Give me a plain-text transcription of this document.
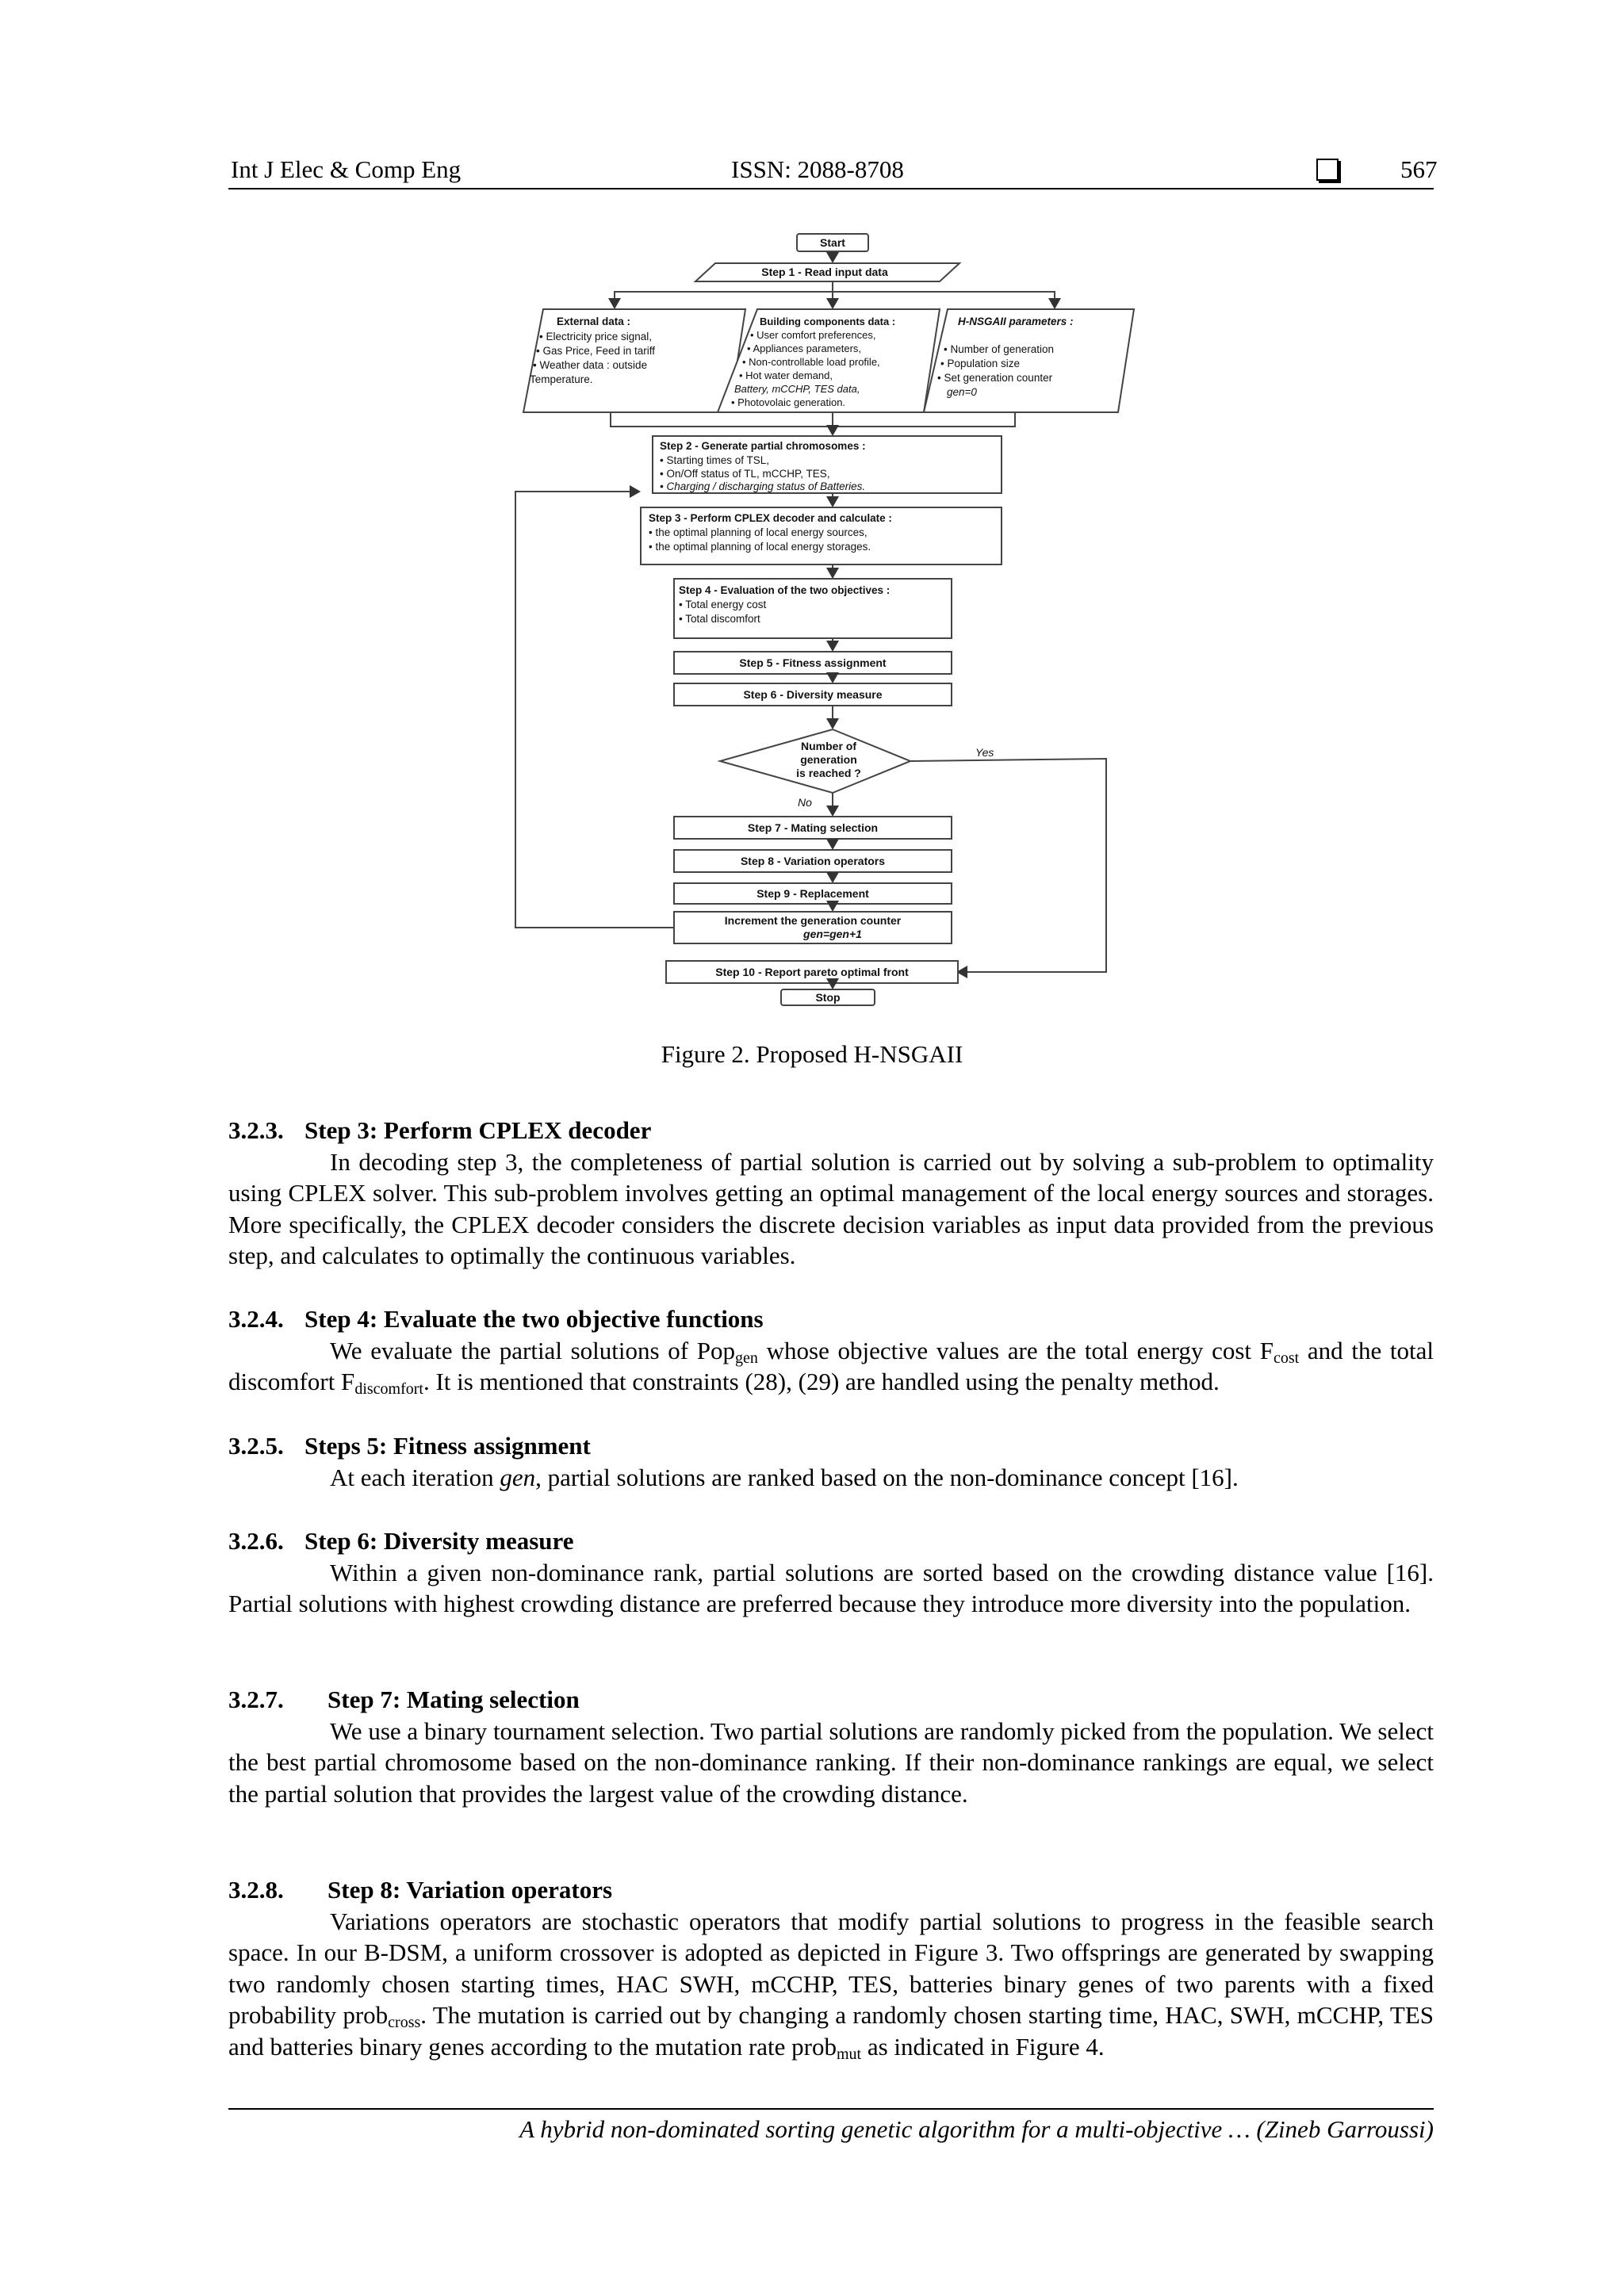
Int J Elec & Comp Eng	ISSN: 2088-8708	567
Start
Step 1 - Read input data
External data :
• Electricity price signal,
• Gas Price, Feed in tariff
• Weather data : outside
Temperature.
Building components data :
• User comfort preferences,
• Appliances parameters,
• Non-controllable load profile,
• Hot water demand,
Battery, mCCHP, TES data,
• Photovolaic generation.
H-NSGAII parameters :
• Number of generation
• Population size
• Set generation counter
gen=0
Step 2 - Generate partial chromosomes :
• Starting times of TSL,
• On/Off status of TL, mCCHP, TES,
• Charging / discharging status of Batteries.
Step 3 - Perform CPLEX decoder and calculate :
• the optimal planning of local energy sources,
• the optimal planning of local energy storages.
Step 4 - Evaluation of the two objectives :
• Total energy cost
• Total discomfort
Step 5 - Fitness assignment
Step 6 - Diversity measure
Number of
generation
is reached ?
Step 7 - Mating selection
Step 8 - Variation operators
Step 9 - Replacement
Increment the generation counter
gen=gen+1
Step 10 - Report pareto optimal front
Stop
Yes
No
Figure 2. Proposed H-NSGAII
3.2.3. Step 3: Perform CPLEX decoder

In decoding step 3, the completeness of partial solution is carried out by solving a sub-problem to optimality using CPLEX solver. This sub-problem involves getting an optimal management of the local energy sources and storages. More specifically, the CPLEX decoder considers the discrete decision variables as input data provided from the previous step, and calculates to optimally the continuous variables.

3.2.4. Step 4: Evaluate the two objective functions

We evaluate the partial solutions of Pop$_{gen}$ whose objective values are the total energy cost $F_{cost}$ and the total discomfort $F_{discomfort}$. It is mentioned that constraints (28), (29) are handled using the penalty method.

3.2.5. Steps 5: Fitness assignment

At each iteration gen, partial solutions are ranked based on the non-dominance concept [16].

3.2.6. Step 6: Diversity measure

Within a given non-dominance rank, partial solutions are sorted based on the crowding distance value [16]. Partial solutions with highest crowding distance are preferred because they introduce more diversity into the population.

3.2.7. Step 7: Mating selection

We use a binary tournament selection. Two partial solutions are randomly picked from the population. We select the best partial chromosome based on the non-dominance ranking. If their non-dominance rankings are equal, we select the partial solution that provides the largest value of the crowding distance.

3.2.8. Step 8: Variation operators

Variations operators are stochastic operators that modify partial solutions to progress in the feasible search space. In our B-DSM, a uniform crossover is adopted as depicted in Figure 3. Two offsprings are generated by swapping two randomly chosen starting times, HAC SWH, mCCHP, TES, batteries binary genes of two parents with a fixed probability prob$_{cross}$. The mutation is carried out by changing a randomly chosen starting time, HAC, SWH, mCCHP, TES and batteries binary genes according to the mutation rate prob$_{mut}$ as indicated in Figure 4.

A hybrid non-dominated sorting genetic algorithm for a multi-objective … (Zineb Garroussi)
